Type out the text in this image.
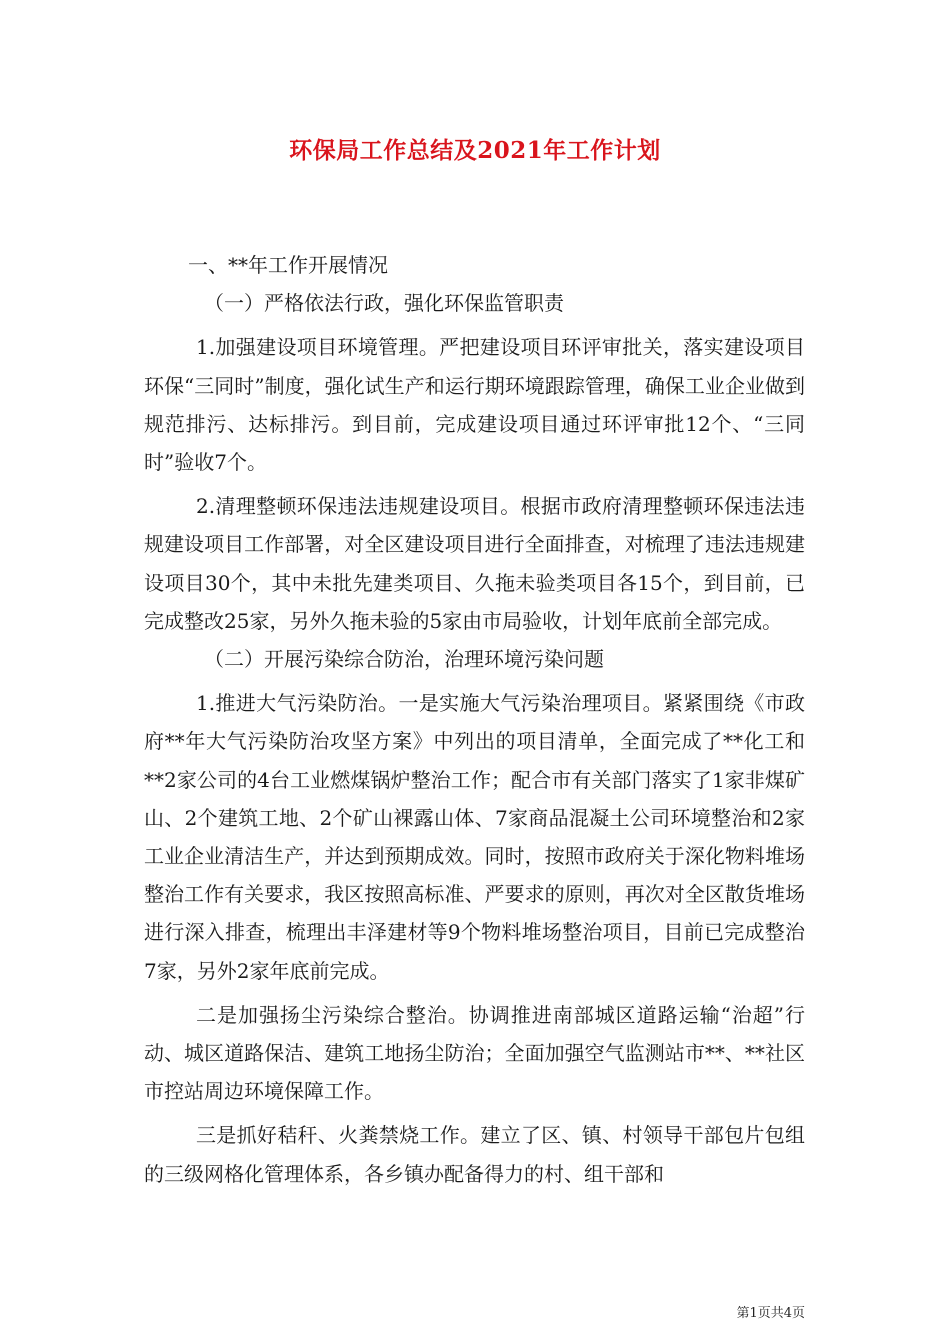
环保局工作总结及2021年工作计划

一、**年工作开展情况

（一）严格依法行政，强化环保监管职责

1.加强建设项目环境管理。严把建设项目环评审批关，落实建设项目环保“三同时”制度，强化试生产和运行期环境跟踪管理，确保工业企业做到规范排污、达标排污。到目前，完成建设项目通过环评审批12个、“三同时”验收7个。

2.清理整顿环保违法违规建设项目。根据市政府清理整顿环保违法违规建设项目工作部署，对全区建设项目进行全面排查，对梳理了违法违规建设项目30个，其中未批先建类项目、久拖未验类项目各15个，到目前，已完成整改25家，另外久拖未验的5家由市局验收，计划年底前全部完成。

（二）开展污染综合防治，治理环境污染问题

1.推进大气污染防治。一是实施大气污染治理项目。紧紧围绕《市政府**年大气污染防治攻坚方案》中列出的项目清单，全面完成了**化工和**2家公司的4台工业燃煤锅炉整治工作；配合市有关部门落实了1家非煤矿山、2个建筑工地、2个矿山裸露山体、7家商品混凝土公司环境整治和2家工业企业清洁生产，并达到预期成效。同时，按照市政府关于深化物料堆场整治工作有关要求，我区按照高标准、严要求的原则，再次对全区散货堆场进行深入排查，梳理出丰泽建材等9个物料堆场整治项目，目前已完成整治7家，另外2家年底前完成。

二是加强扬尘污染综合整治。协调推进南部城区道路运输“治超”行动、城区道路保洁、建筑工地扬尘防治；全面加强空气监测站市**、**社区市控站周边环境保障工作。

三是抓好秸秆、火粪禁烧工作。建立了区、镇、村领导干部包片包组的三级网格化管理体系，各乡镇办配备得力的村、组干部和

第1页共4页
